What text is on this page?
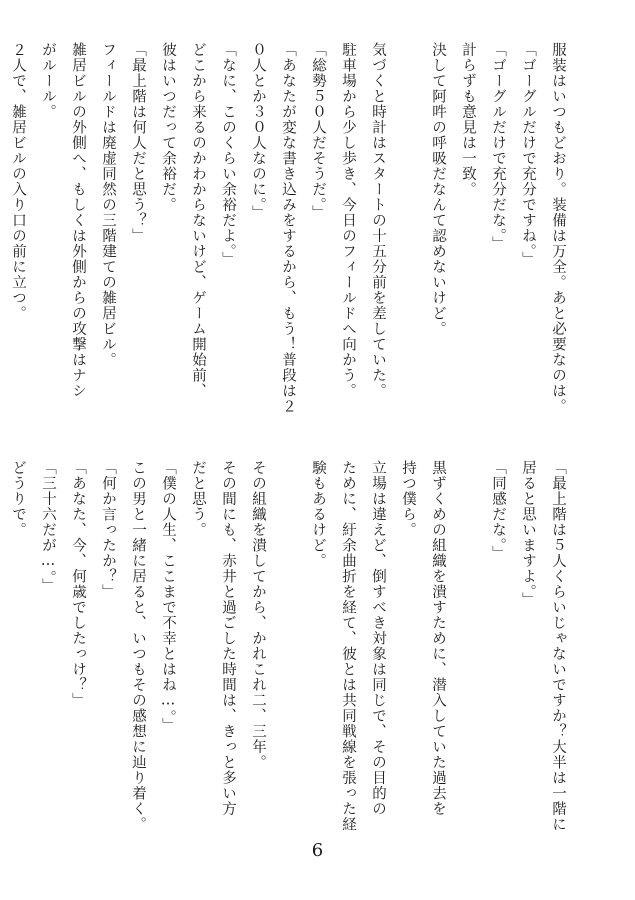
服装はいつもどおり。装備は万全。あと必要なのは。

「ゴーグルだけで充分ですね。」

「ゴーグルだけで充分だな。」

計らずも意見は一致。

決して阿吽の呼吸だなんて認めないけど。

気づくと時計はスタートの十五分前を差していた。

駐車場から少し歩き、今日のフィールドへ向かう。

「総勢５０人だそうだ。」

「あなたが変な書き込みをするから、もう！普段は２

０人とか３０人なのに。」

「なに、このくらい余裕だよ。」

どこから来るのかわからないけど、ゲーム開始前、

彼はいつだって余裕だ。

「最上階は何人だと思う？」

フィールドは廃虚同然の三階建ての雑居ビル。

雑居ビルの外側へ、もしくは外側からの攻撃はナシ

がルール。

２人で、雑居ビルの入り口の前に立つ。

「最上階は５人くらいじゃないですか？大半は一階に

居ると思いますよ。」

「同感だな。」

黒ずくめの組織を潰すために、潜入していた過去を

持つ僕ら。

立場は違えど、倒すべき対象は同じで、その目的の

ために、紆余曲折を経て、彼とは共同戦線を張った経

験もあるけど。

その組織を潰してから、かれこれ二、三年。

その間にも、赤井と過ごした時間は、きっと多い方

だと思う。

「僕の人生、ここまで不幸とはね…。」

この男と一緒に居ると、いつもその感想に辿り着く。

「何か言ったか？」

「あなた、今、何歳でしたっけ？」

「三十六だが…。」

どうりで。

6
